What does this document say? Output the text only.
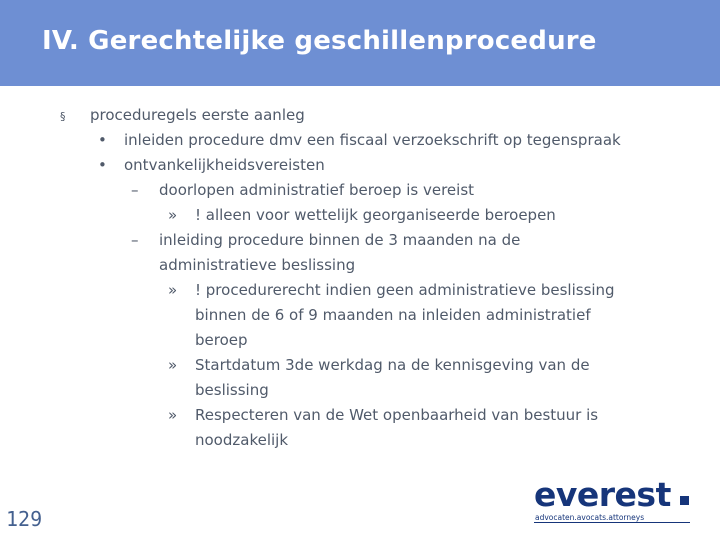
IV. Gerechtelijke geschillenprocedure
§ proceduregels eerste aanleg
• inleiden procedure dmv een fiscaal verzoekschrift op tegenspraak
• ontvankelijkheidsvereisten
– doorlopen administratief beroep is vereist
» ! alleen voor wettelijk georganiseerde beroepen
– inleiding procedure binnen de 3 maanden na de
administratieve beslissing
» ! procedurerecht indien geen administratieve beslissing
binnen de 6 of 9 maanden na inleiden administratief
beroep
» Startdatum 3de werkdag na de kennisgeving van de
beslissing
» Respecteren van de Wet openbaarheid van bestuur is
noodzakelijk
129
everest
advocaten.avocats.attorneys
